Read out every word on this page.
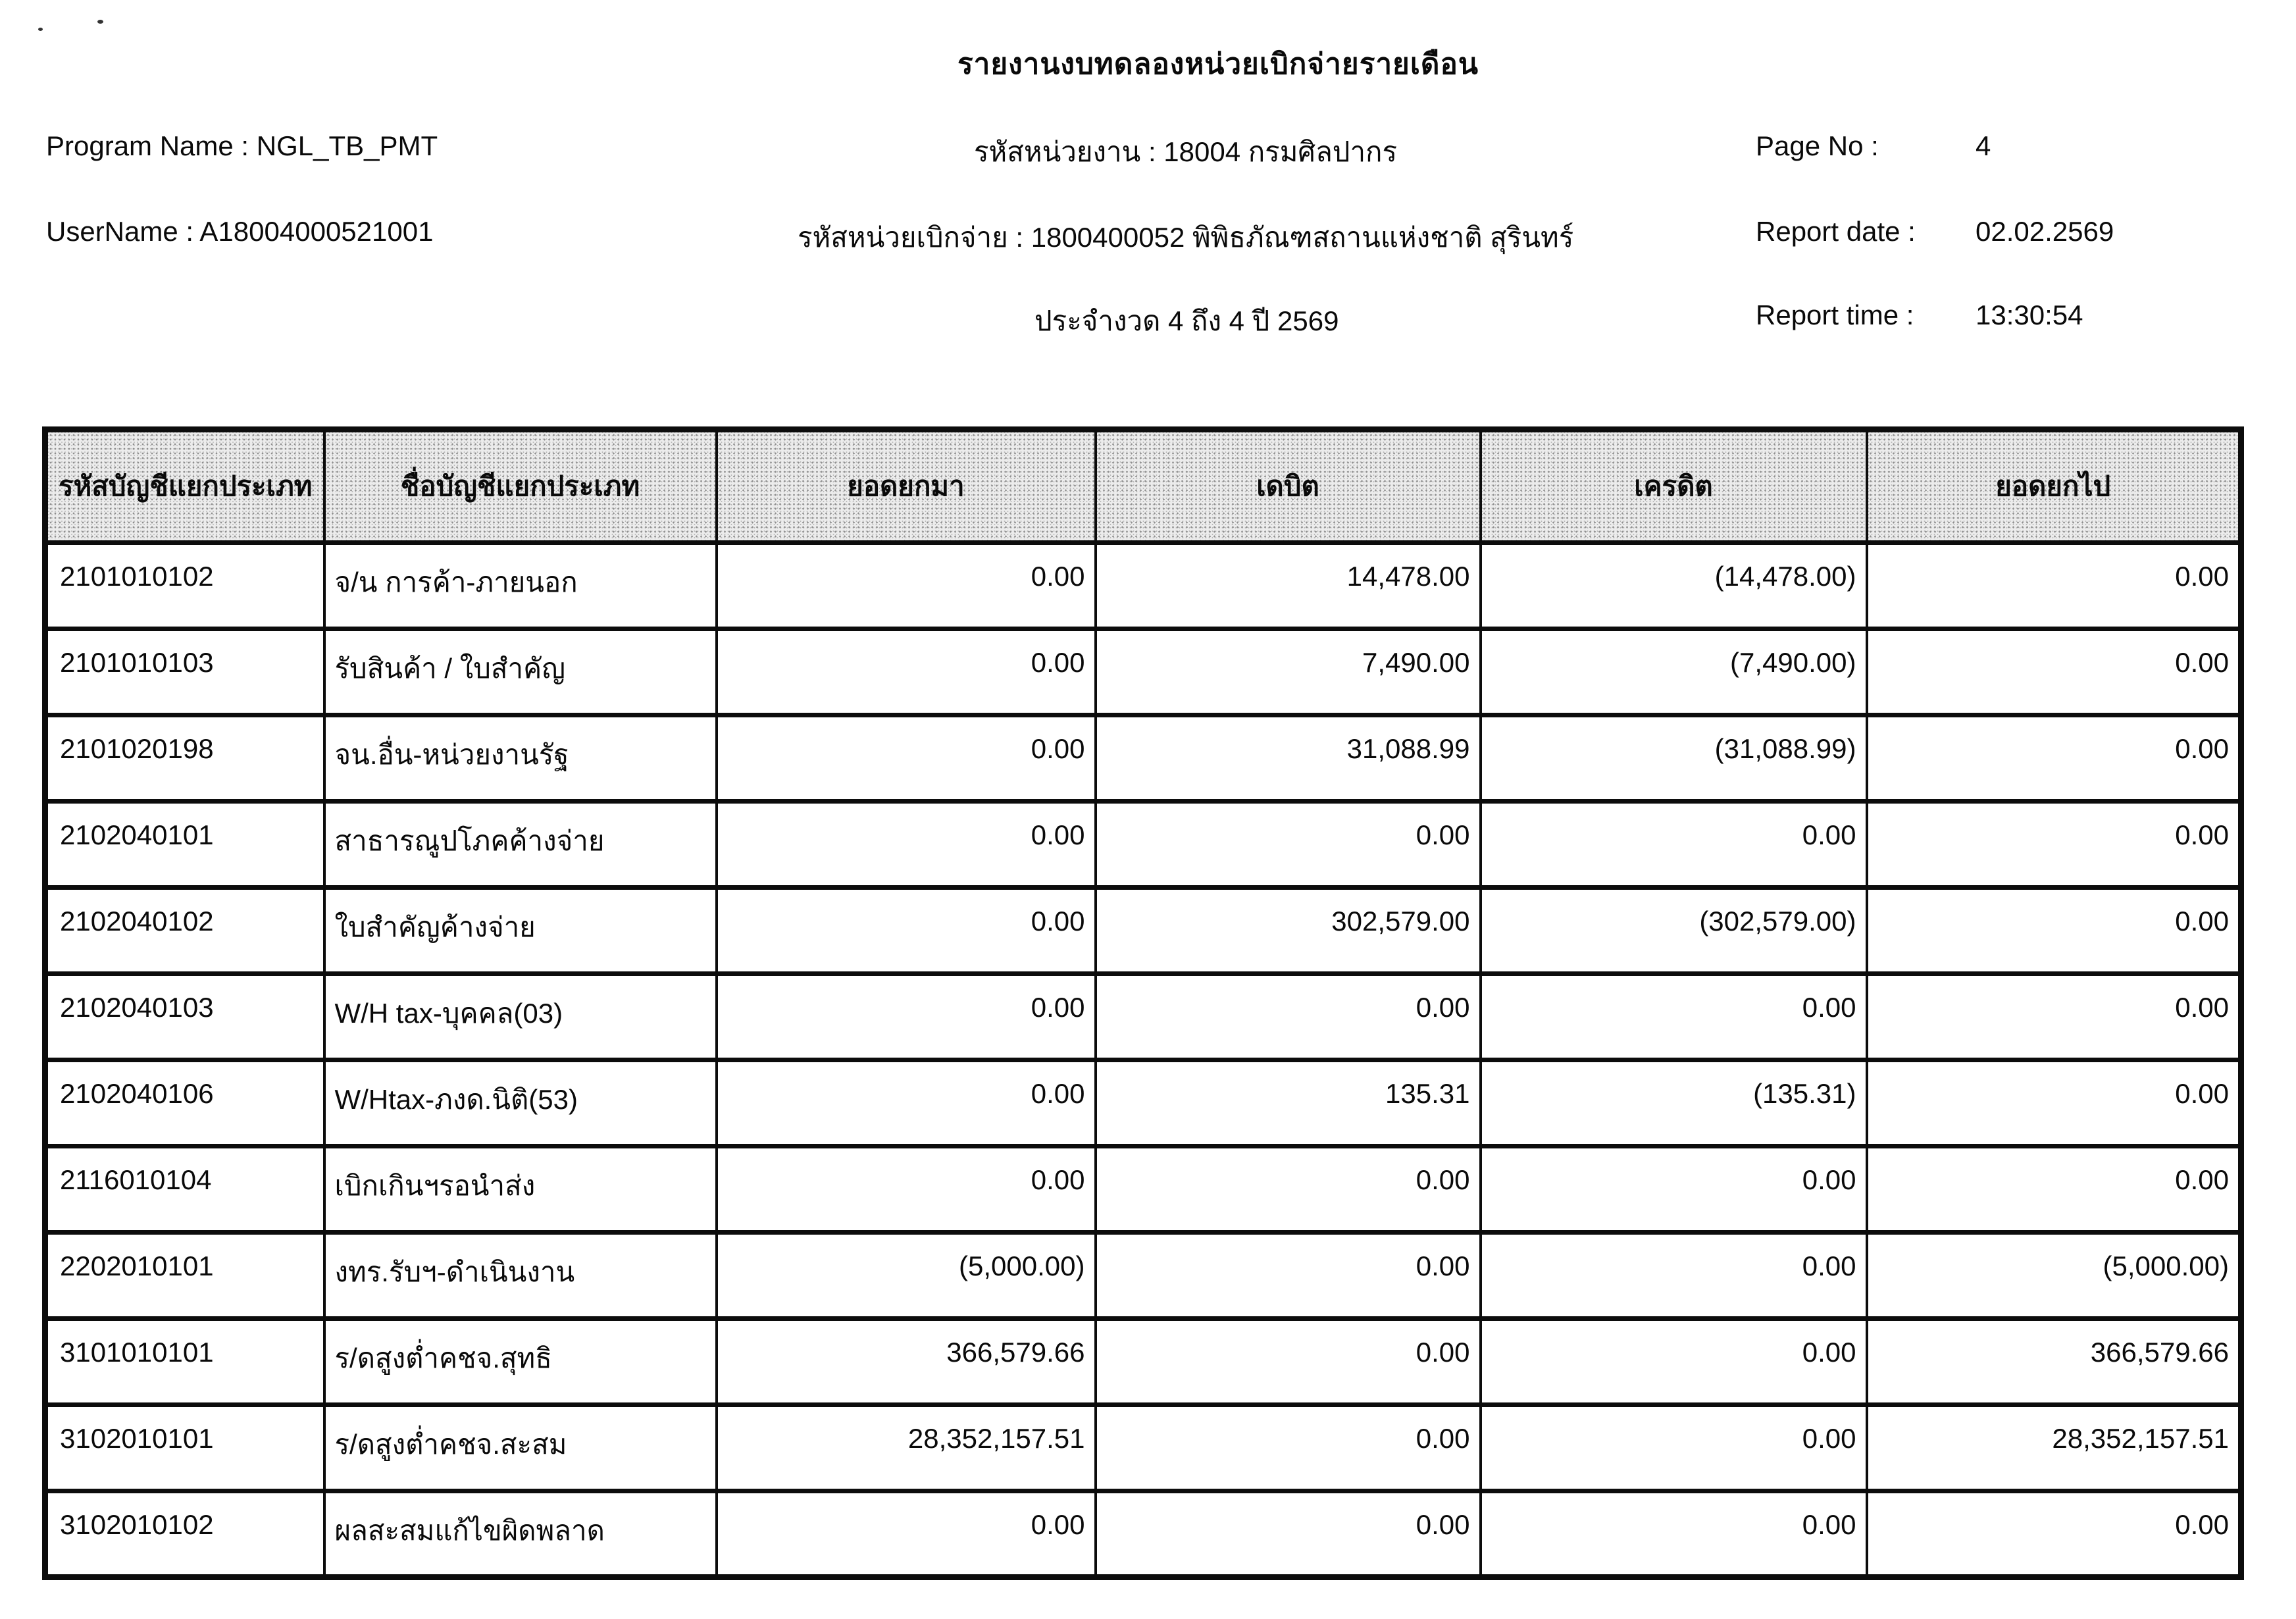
รายงานงบทดลองหน่วยเบิกจ่ายรายเดือน
Program Name : NGL_TB_PMT	รหัสหน่วยงาน : 18004 กรมศิลปากร	Page No :	4
UserName : A18004000521001	รหัสหน่วยเบิกจ่าย : 1800400052 พิพิธภัณฑสถานแห่งชาติ สุรินทร์	Report date : 02.02.2569
ประจำงวด 4 ถึง 4 ปี 2569	Report time : 13:30:54
รหัสบัญชีแยกประเภท	ชื่อบัญชีแยกประเภท	ยอดยกมา	เดบิต	เครดิต	ยอดยกไป
2101010102	จ/น การค้า-ภายนอก	0.00	14,478.00	(14,478.00)	0.00
2101010103	รับสินค้า / ใบสำคัญ	0.00	7,490.00	(7,490.00)	0.00
2101020198	จน.อื่น-หน่วยงานรัฐ	0.00	31,088.99	(31,088.99)	0.00
2102040101	สาธารณูปโภคค้างจ่าย	0.00	0.00	0.00	0.00
2102040102	ใบสำคัญค้างจ่าย	0.00	302,579.00	(302,579.00)	0.00
2102040103	W/H tax-บุคคล(03)	0.00	0.00	0.00	0.00
2102040106	W/Htax-ภงด.นิติ(53)	0.00	135.31	(135.31)	0.00
2116010104	เบิกเกินฯรอนำส่ง	0.00	0.00	0.00	0.00
2202010101	งทร.รับฯ-ดำเนินงาน	(5,000.00)	0.00	0.00	(5,000.00)
3101010101	ร/ดสูงต่ำคชจ.สุทธิ	366,579.66	0.00	0.00	366,579.66
3102010101	ร/ดสูงต่ำคชจ.สะสม	28,352,157.51	0.00	0.00	28,352,157.51
3102010102	ผลสะสมแก้ไขผิดพลาด	0.00	0.00	0.00	0.00
